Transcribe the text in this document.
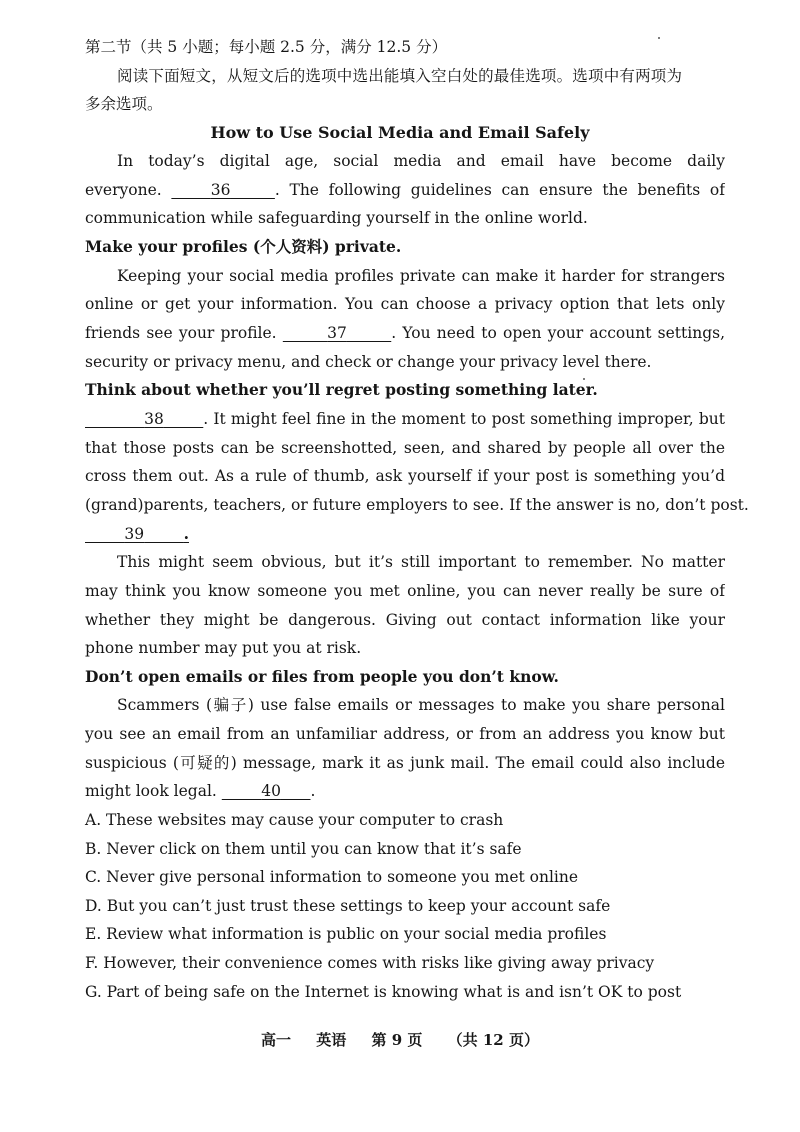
第二节（共 5 小题；每小题 2.5 分，满分 12.5 分）
阅读下面短文，从短文后的选项中选出能填入空白处的最佳选项。选项中有两项为
多余选项。
How to Use Social Media and Email Safely
In today’s digital age, social media and email have become daily
everyone.	36	. The following guidelines can ensure the benefits of
communication while safeguarding yourself in the online world.
Make your profiles (个人资料) private.
Keeping your social media profiles private can make it harder for strangers
online or get your information. You can choose a privacy option that lets only
friends see your profile.	37	. You need to open your account settings,
security or privacy menu, and check or change your privacy level there.
Think about whether you’ll regret posting something later.
38	. It might feel fine in the moment to post something improper, but
that those posts can be screenshotted, seen, and shared by people all over the
cross them out. As a rule of thumb, ask yourself if your post is something you’d
(grand)parents, teachers, or future employers to see. If the answer is no, don’t post.
39	.
This might seem obvious, but it’s still important to remember. No matter
may think you know someone you met online, you can never really be sure of
whether they might be dangerous. Giving out contact information like your
phone number may put you at risk.
Don’t open emails or files from people you don’t know.
Scammers (骗子) use false emails or messages to make you share personal
you see an email from an unfamiliar address, or from an address you know but
suspicious (可疑的) message, mark it as junk mail. The email could also include
might look legal.	40 .
A. These websites may cause your computer to crash
B. Never click on them until you can know that it’s safe
C. Never give personal information to someone you met online
D. But you can’t just trust these settings to keep your account safe
E. Review what information is public on your social media profiles
F. However, their convenience comes with risks like giving away privacy
G. Part of being safe on the Internet is knowing what is and isn’t OK to post
高一 英语 第 9 页 （共 12 页）
